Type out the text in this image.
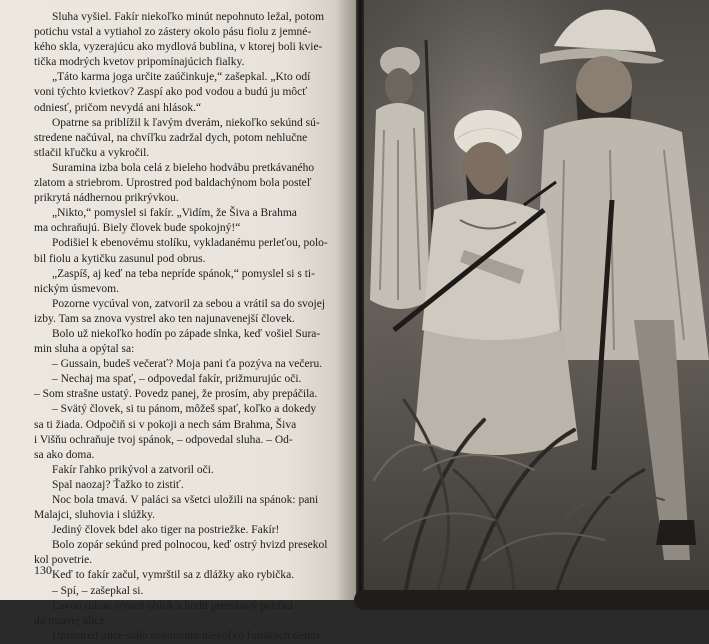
Sluha vyšiel. Fakír niekoľko minút nepohnuto ležal, potom
potichu vstal a vytiahol zo zástery okolo pásu fiolu z jemné-
kého skla, vyzerajúcu ako mydlová bublina, v ktorej boli kvie-
tička modrých kvetov pripomínajúcich fialky.
„Táto karma joga určite zaúčinkuje,“ zašepkal. „Kto odí
voni týchto kvietkov? Zaspí ako pod vodou a budú ju môcť
odniesť, pričom nevydá ani hlások.“
Opatrne sa priblížil k ľavým dverám, niekoľko sekúnd sú-
stredene načúval, na chvíľku zadržal dych, potom nehlučne
stlačil kľučku a vykročil.
Suramina izba bola celá z bieleho hodvábu pretkávaného
zlatom a striebrom. Uprostred pod baldachýnom bola posteľ
prikrytá nádhernou prikrývkou.
„Nikto,“ pomyslel si fakír. „Vidím, že Šiva a Brahma
ma ochraňujú. Biely človek bude spokojný!“
Podišiel k ebenovému stolíku, vykladanému perleťou, polo-
bil fiolu a kytičku zasunul pod obrus.
„Zaspíš, aj keď na teba nepríde spánok,“ pomyslel si s ti-
nickým úsmevom.
Pozorne vycúval von, zatvoril za sebou a vrátil sa do svojej
izby. Tam sa znova vystrel ako ten najunavenejší človek.
Bolo už niekoľko hodín po západe slnka, keď vošiel Sura-
min sluha a opýtal sa:
– Gussain, budeš večerať? Moja pani ťa pozýva na večeru.
– Nechaj ma spať, – odpovedal fakír, prižmurujúc oči.
– Som strašne ustatý. Povedz panej, že prosím, aby prepáčila.
– Svätý človek, si tu pánom, môžeš spať, koľko a dokedy
sa ti žiada. Odpočiň si v pokoji a nech sám Brahma, Šiva
i Višňu ochraňuje tvoj spánok, – odpovedal sluha. – Od-
sa ako doma.
Fakír ľahko prikývol a zatvoril oči.
Spal naozaj? Ťažko to zistiť.
Noc bola tmavá. V paláci sa všetci uložili na spánok: pani
Malajci, sluhovia i slúžky.
Jediný človek bdel ako tiger na postriežke. Fakír!
Bolo zopár sekúnd pred polnocou, keď ostrý hvizd presekol
kol povetrie.
Keď to fakír začul, vymrštil sa z dlážky ako rybička.
– Spí, – zašepkal si.
Ľavou rukou otvoril oblok a hodil prenikavý pohľad
do tmavej ulice.
Uprostred ulice stálo nepohnuto niekoľko ľudských tieňov
130
